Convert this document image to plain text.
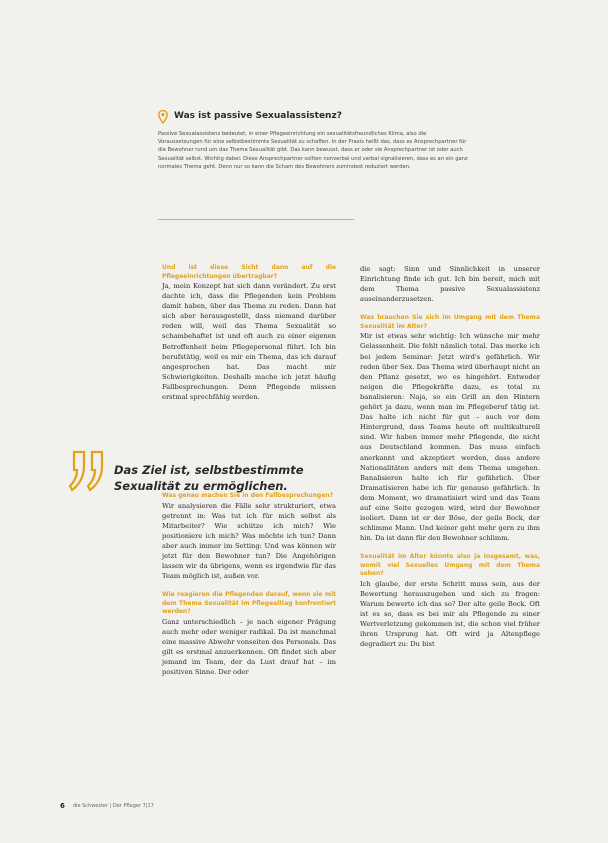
Was ist passive Sexualassistenz?
Passive Sexualassistenz bedeutet, in einer Pflegeeinrichtung ein sexualitätsfreundliches Klima, also die Voraussetzungen für eine selbstbestimmte Sexualität zu schaffen. In der Praxis heißt das, dass es Ansprechpartner für die Bewohner rund um das Thema Sexualität gibt. Das kann bewusst, dass er oder sie Ansprechpartner ist oder auch Sexualität selbst. Wichtig dabei: Diese Ansprechpartner sollten nonverbal und verbal signalisieren, dass es an ein ganz normales Thema geht. Denn nur so kann die Scham des Bewohners zumindest reduziert werden.

Und ist diese Sicht dann auf die Pflegeeinrichtungen übertragbar?

Ja, mein Konzept hat sich dann verändert. Zu erst dachte ich, dass die Pflegenden kein Problem damit haben, über das Thema zu reden. Dann hat sich aber herausgestellt, dass niemand darüber reden will, weil das Thema Sexualität so schambehaftet ist und oft auch zu einer eigenen Betroffenheit beim Pflegepersonal führt. Ich bin berufstätig, weil es mir ein Thema, das ich darauf angesprochen hat. Das macht mir Schwierigkeiten. Deshalb mache ich jetzt häufig Fallbesprechungen. Denn Pflegende müssen erstmal sprechfähig werden.

Was genau machen Sie in den Fallbesprechungen?

Wir analysieren die Fälle sehr strukturiert, etwa getrennt in: Was tut ich für mich selbst als Mitarbeiter? Wie schütze ich mich? Wie positioniere ich mich? Was möchte ich tun? Dann aber auch immer im Setting: Und was können wir jetzt für den Bewohner tun? Die Angehörigen lassen wir da übrigens, wenn es irgendwie für das Team möglich ist, außen vor.

Wie reagieren die Pflegenden darauf, wenn sie mit dem Thema Sexualität im Pflegealltag konfrontiert werden?

Ganz unterschiedlich – je nach eigener Prägung auch mehr oder weniger radikal. Da ist manchmal eine massive Abwehr vonseiten des Personals. Das gilt es erstmal anzuerkennen. Oft findet sich aber jemand im Team, der da Lust drauf hat – im positiven Sinne. Der oder

die sagt: Sinn und Sinnlichkeit in unserer Einrichtung finde ich gut. Ich bin bereit, mich mit dem Thema passive Sexualassistenz auseinanderzusetzen.

Was brauchen Sie sich im Umgang mit dem Thema Sexualität im Alter?

Mir ist etwas sehr wichtig: Ich wünsche mir mehr Gelassenheit. Die fehlt nämlich total. Das merke ich bei jedem Seminar: Jetzt wird's gefährlich. Wir reden über Sex. Das Thema wird überhaupt nicht an den Pflanz gesetzt, wo es hingehört. Entweder neigen die Pflegekräfte dazu, es total zu banalisieren: Naja, so ein Grill an den Hintern gehört ja dazu, wenn man im Pflegeberuf tätig ist. Das halte ich nicht für gut – auch vor dem Hintergrund, dass Teams heute oft multikulturell sind. Wir haben immer mehr Pflegende, die nicht aus Deutschland kommen. Das muss einfach anerkannt und akzeptiert werden, dass andere Nationalitäten anders mit dem Thema umgehen. Banalisieren halte ich für gefährlich. Über Dramatisieren habe ich für genauso gefährlich. In dem Moment, wo dramatisiert wird und das Team auf eine Seite gezogen wird, wird der Bewohner isoliert. Dann ist er der Böse, der geile Bock, der schlimme Mann. Und keiner geht mehr gern zu ihm hin. Da ist dann für den Bewohner schlimm.

Sexualität im Alter könnte also ja insgesamt, was, womit viel Sexuelles Umgang mit dem Thema sehen?

Ich glaube, der erste Schritt muss sein, aus der Bewertung herauszugehen und sich zu fragen: Warum bewerte ich das so? Der alte geile Bock. Oft ist es so, dass es bei mir als Pflegende zu einer Wertverletzung gekommen ist, die schon viel früher ihren Ursprung hat. Oft wird ja Altenpflege degradiert zu: Du bist

Das Ziel ist, selbstbestimmte Sexualität zu ermöglichen.
6 die Schwester | Der Pfleger 7|17
